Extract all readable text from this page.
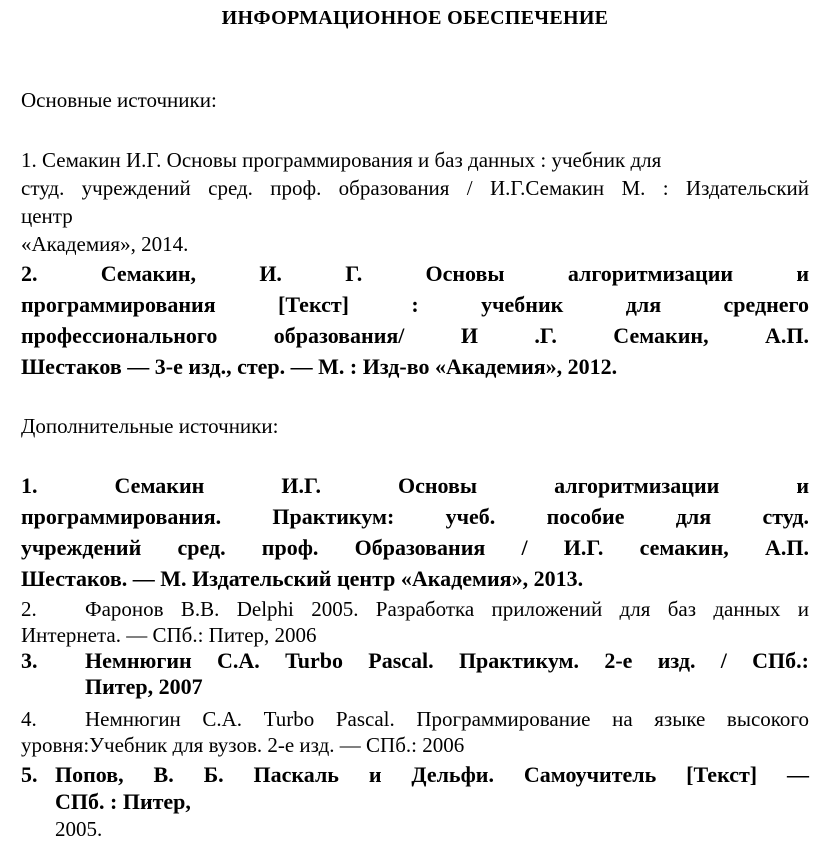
ИНФОРМАЦИОННОЕ ОБЕСПЕЧЕНИЕ
Основные источники:
1. Семакин И.Г. Основы программирования и баз данных : учебник для
студ. учреждений сред. проф. образования / И.Г.Семакин М. : Издательский
центр
«Академия», 2014.
2. Семакин, И. Г. Основы алгоритмизации и
программирования [Текст] : учебник для среднего
профессионального образования/ И .Г. Семакин, А.П.
Шестаков — 3-е изд., стер. — М. : Изд-во «Академия», 2012.
Дополнительные источники:
1. Семакин И.Г. Основы алгоритмизации и
программирования. Практикум: учеб. пособие для студ.
учреждений сред. проф. Образования / И.Г. семакин, А.П.
Шестаков. — М. Издательский центр «Академия», 2013.
2. Фаронов В.В. Delphi 2005. Разработка приложений для баз данных и
Интернета. — СПб.: Питер, 2006
3. Немнюгин С.А. Turbo Pascal. Практикум. 2-е изд. / СПб.:
Питер, 2007
4. Немнюгин С.А. Turbo Pascal. Программирование на языке высокого
уровня:Учебник для вузов. 2-е изд. — СПб.: 2006
5. Попов, В. Б. Паскаль и Дельфи. Самоучитель [Текст] —
СПб. : Питер,
2005.
